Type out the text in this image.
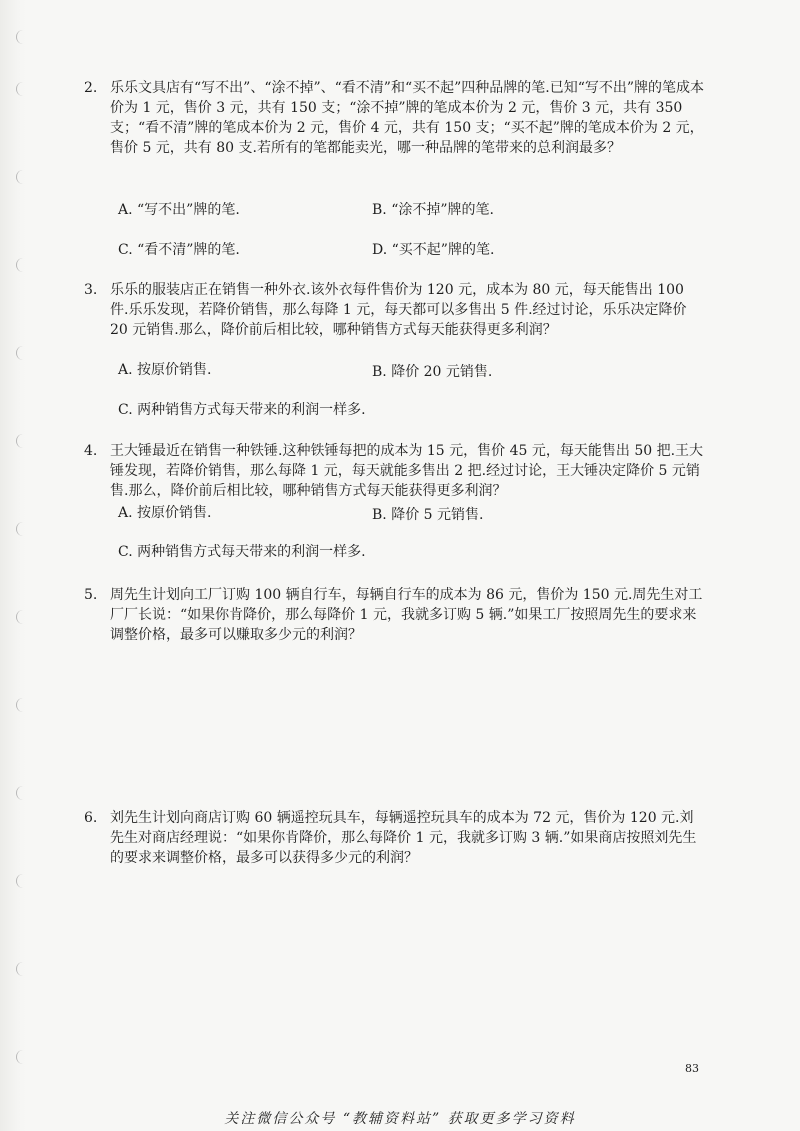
2. 乐乐文具店有“写不出”、“涂不掉”、“看不清”和“买不起”四种品牌的笔.已知“写不出”牌的笔成本价为 1 元，售价 3 元，共有 150 支；“涂不掉”牌的笔成本价为 2 元，售价 3 元，共有 350 支；“看不清”牌的笔成本价为 2 元，售价 4 元，共有 150 支；“买不起”牌的笔成本价为 2 元，售价 5 元，共有 80 支.若所有的笔都能卖光，哪一种品牌的笔带来的总利润最多？
A. “写不出”牌的笔.	B. “涂不掉”牌的笔.
C. “看不清”牌的笔.	D. “买不起”牌的笔.
3. 乐乐的服装店正在销售一种外衣.该外衣每件售价为 120 元，成本为 80 元，每天能售出 100 件.乐乐发现，若降价销售，那么每降 1 元，每天都可以多售出 5 件.经过讨论，乐乐决定降价 20 元销售.那么，降价前后相比较，哪种销售方式每天能获得更多利润？
A. 按原价销售.	B. 降价 20 元销售.
C. 两种销售方式每天带来的利润一样多.
4. 王大锤最近在销售一种铁锤.这种铁锤每把的成本为 15 元，售价 45 元，每天能售出 50 把.王大锤发现，若降价销售，那么每降 1 元，每天就能多售出 2 把.经过讨论，王大锤决定降价 5 元销售.那么，降价前后相比较，哪种销售方式每天能获得更多利润？
A. 按原价销售.	B. 降价 5 元销售.
C. 两种销售方式每天带来的利润一样多.
5. 周先生计划向工厂订购 100 辆自行车，每辆自行车的成本为 86 元，售价为 150 元.周先生对工厂厂长说：“如果你肯降价，那么每降价 1 元，我就多订购 5 辆.”如果工厂按照周先生的要求来调整价格，最多可以赚取多少元的利润？
6. 刘先生计划向商店订购 60 辆遥控玩具车，每辆遥控玩具车的成本为 72 元，售价为 120 元.刘先生对商店经理说：“如果你肯降价，那么每降价 1 元，我就多订购 3 辆.”如果商店按照刘先生的要求来调整价格，最多可以获得多少元的利润？
83
关注微信公众号 “教辅资料站” 获取更多学习资料
